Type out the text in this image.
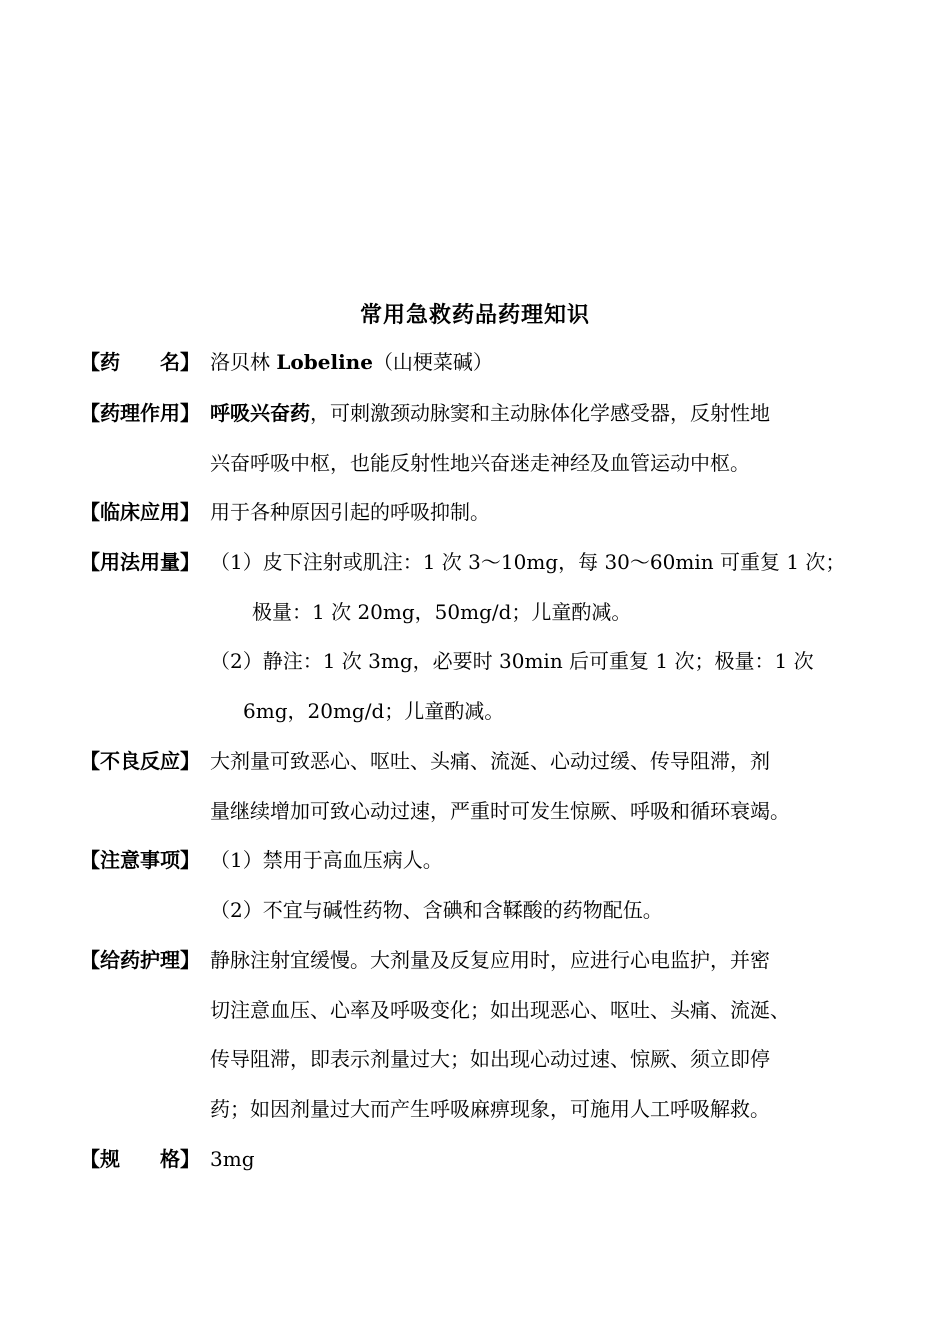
常用急救药品药理知识
【药　　名】 洛贝林 Lobeline（山梗菜碱）
【药理作用】 呼吸兴奋药，可刺激颈动脉窦和主动脉体化学感受器，反射性地
兴奋呼吸中枢，也能反射性地兴奋迷走神经及血管运动中枢。
【临床应用】 用于各种原因引起的呼吸抑制。
【用法用量】 （1）皮下注射或肌注：1 次 3～10mg，每 30～60min 可重复 1 次；
极量：1 次 20mg，50mg/d；儿童酌减。
（2）静注：1 次 3mg，必要时 30min 后可重复 1 次；极量：1 次
6mg，20mg/d；儿童酌减。
【不良反应】 大剂量可致恶心、呕吐、头痛、流涎、心动过缓、传导阻滞，剂
量继续增加可致心动过速，严重时可发生惊厥、呼吸和循环衰竭。
【注意事项】 （1）禁用于高血压病人。
（2）不宜与碱性药物、含碘和含鞣酸的药物配伍。
【给药护理】 静脉注射宜缓慢。大剂量及反复应用时，应进行心电监护，并密
切注意血压、心率及呼吸变化；如出现恶心、呕吐、头痛、流涎、
传导阻滞，即表示剂量过大；如出现心动过速、惊厥、须立即停
药；如因剂量过大而产生呼吸麻痹现象，可施用人工呼吸解救。
【规　　格】 3mg
